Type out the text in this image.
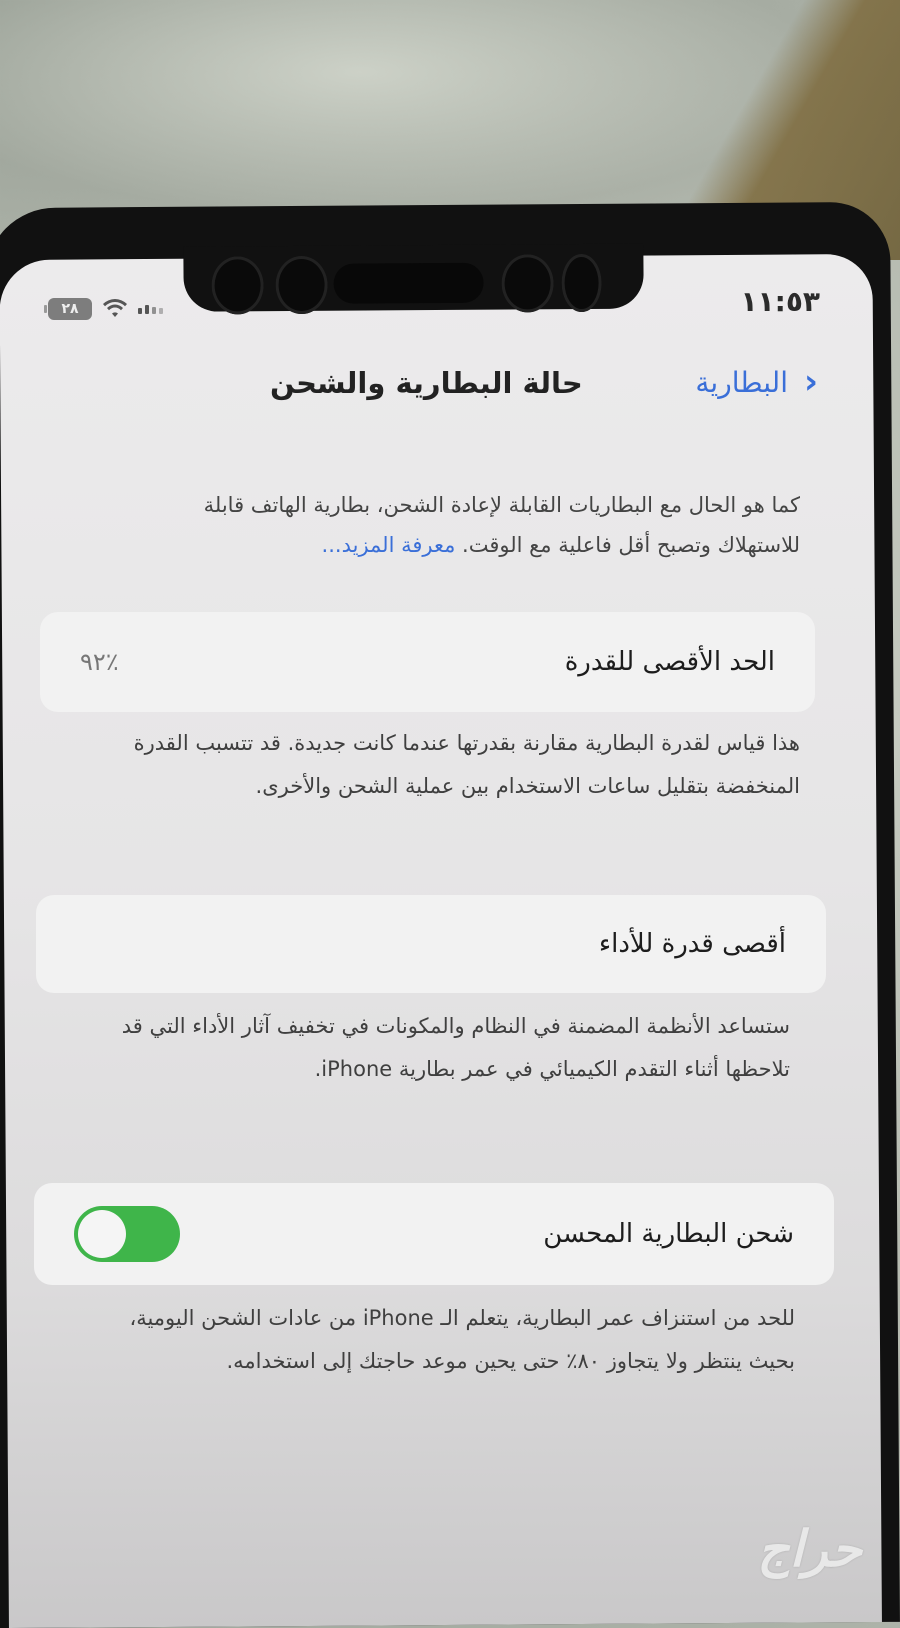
٢٨	١١:٥٣
‹
البطارية
حالة البطارية والشحن
كما هو الحال مع البطاريات القابلة لإعادة الشحن، بطارية الهاتف قابلة للاستهلاك وتصبح أقل فاعلية مع الوقت. معرفة المزيد...
الحد الأقصى للقدرة
٪٩٢
هذا قياس لقدرة البطارية مقارنة بقدرتها عندما كانت جديدة. قد تتسبب القدرة المنخفضة بتقليل ساعات الاستخدام بين عملية الشحن والأخرى.
أقصى قدرة للأداء
ستساعد الأنظمة المضمنة في النظام والمكونات في تخفيف آثار الأداء التي قد تلاحظها أثناء التقدم الكيميائي في عمر بطارية iPhone.
شحن البطارية المحسن
للحد من استنزاف عمر البطارية، يتعلم الـ iPhone من عادات الشحن اليومية، بحيث ينتظر ولا يتجاوز ٨٠٪ حتى يحين موعد حاجتك إلى استخدامه.
حراج
